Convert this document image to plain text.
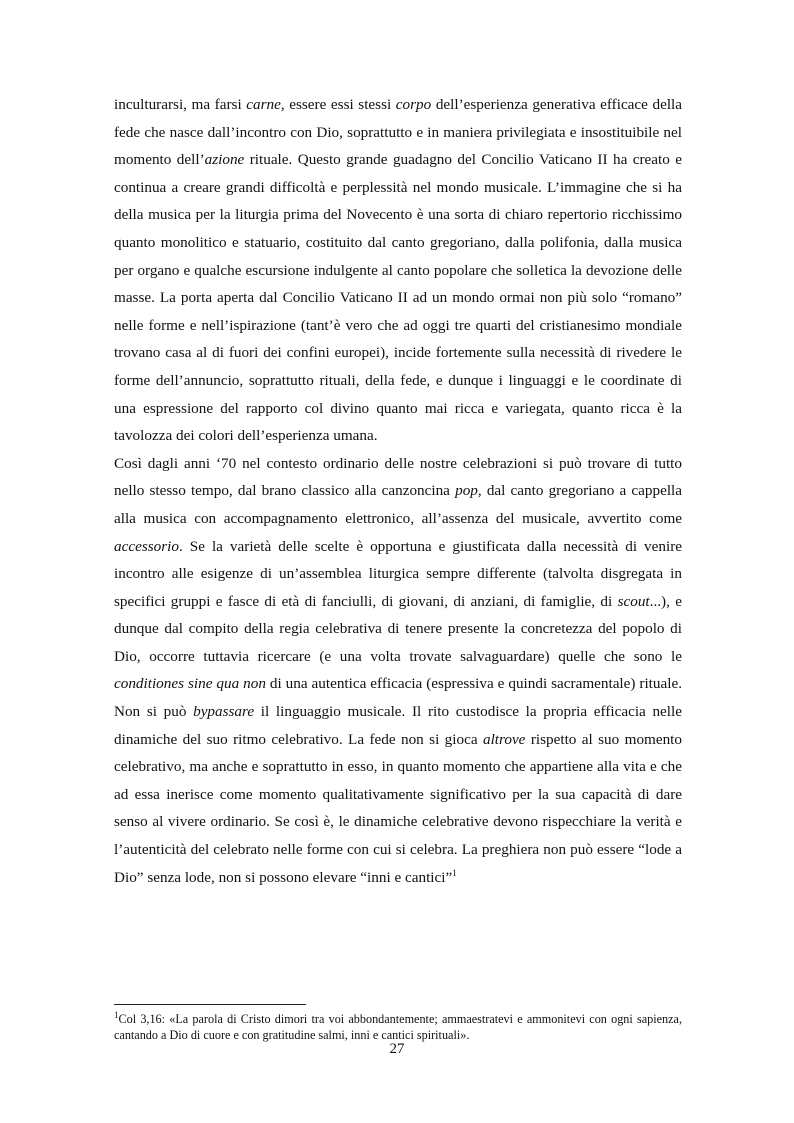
inculturarsi, ma farsi carne, essere essi stessi corpo dell’esperienza generativa efficace della fede che nasce dall’incontro con Dio, soprattutto e in maniera privilegiata e insostituibile nel momento dell’azione rituale. Questo grande guadagno del Concilio Vaticano II ha creato e continua a creare grandi difficoltà e perplessità nel mondo musicale. L’immagine che si ha della musica per la liturgia prima del Novecento è una sorta di chiaro repertorio ricchissimo quanto monolitico e statuario, costituito dal canto gregoriano, dalla polifonia, dalla musica per organo e qualche escursione indulgente al canto popolare che solletica la devozione delle masse. La porta aperta dal Concilio Vaticano II ad un mondo ormai non più solo “romano” nelle forme e nell’ispirazione (tant’è vero che ad oggi tre quarti del cristianesimo mondiale trovano casa al di fuori dei confini europei), incide fortemente sulla necessità di rivedere le forme dell’annuncio, soprattutto rituali, della fede, e dunque i linguaggi e le coordinate di una espressione del rapporto col divino quanto mai ricca e variegata, quanto ricca è la tavolozza dei colori dell’esperienza umana.

Così dagli anni ‘70 nel contesto ordinario delle nostre celebrazioni si può trovare di tutto nello stesso tempo, dal brano classico alla canzoncina pop, dal canto gregoriano a cappella alla musica con accompagnamento elettronico, all’assenza del musicale, avvertito come accessorio. Se la varietà delle scelte è opportuna e giustificata dalla necessità di venire incontro alle esigenze di un’assemblea liturgica sempre differente (talvolta disgregata in specifici gruppi e fasce di età di fanciulli, di giovani, di anziani, di famiglie, di scout...), e dunque dal compito della regia celebrativa di tenere presente la concretezza del popolo di Dio, occorre tuttavia ricercare (e una volta trovate salvaguardare) quelle che sono le conditiones sine qua non di una autentica efficacia (espressiva e quindi sacramentale) rituale. Non si può bypassare il linguaggio musicale. Il rito custodisce la propria efficacia nelle dinamiche del suo ritmo celebrativo. La fede non si gioca altrove rispetto al suo momento celebrativo, ma anche e soprattutto in esso, in quanto momento che appartiene alla vita e che ad essa inerisce come momento qualitativamente significativo per la sua capacità di dare senso al vivere ordinario. Se così è, le dinamiche celebrative devono rispecchiare la verità e l’autenticità del celebrato nelle forme con cui si celebra. La preghiera non può essere “lode a Dio” senza lode, non si possono elevare “inni e cantici”$^1$

$^1$Col 3,16: «La parola di Cristo dimori tra voi abbondantemente; ammaestratevi e ammonitevi con ogni sapienza, cantando a Dio di cuore e con gratitudine salmi, inni e cantici spirituali».

27
